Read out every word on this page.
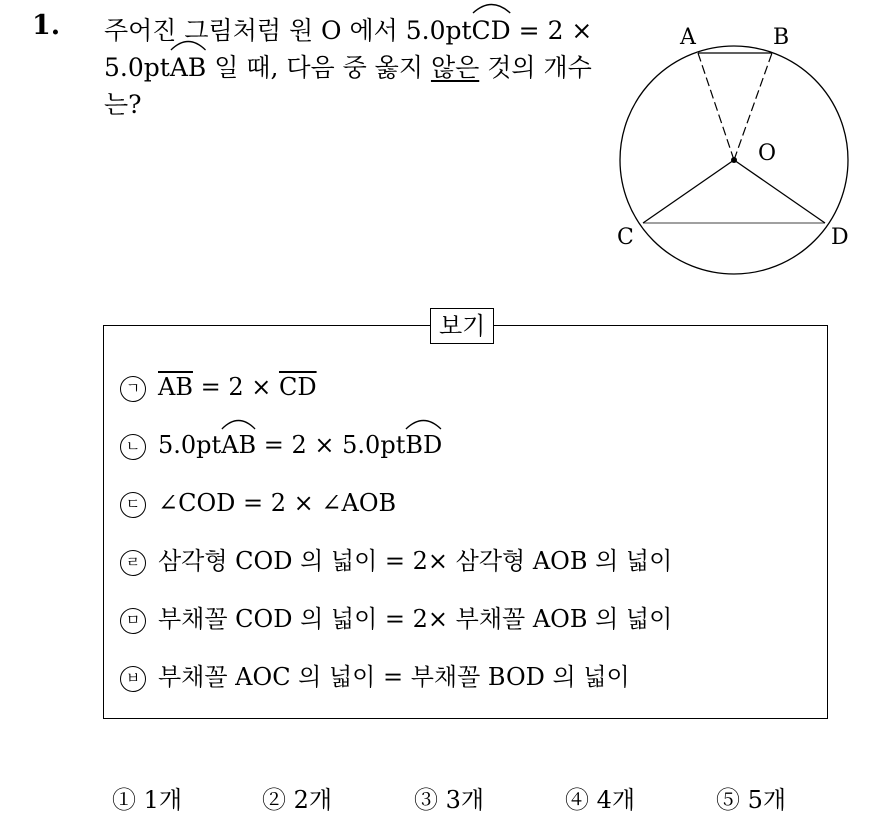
1. 주어진 그림처럼 원 O 에서 5.0pt
CD = 2 ×
5.0pt
AB 일 때, 다음 중 옳지 않은 것의 개수
는?
A	B
O
C	D
보기
ㄱ $\overline{AB} = 2 \times \overline{CD}$
ㄴ 5.0pt
AB = 2 × 5.0pt
BD
ㄷ ∠COD = 2 × ∠AOB
ㄹ 삼각형 COD 의 넓이 = 2× 삼각형 AOB 의 넓이
ㅁ 부채꼴 COD 의 넓이 = 2× 부채꼴 AOB 의 넓이
ㅂ 부채꼴 AOC 의 넓이 = 부채꼴 BOD 의 넓이
① 1개	② 2개	③ 3개	④ 4개	⑤ 5개
